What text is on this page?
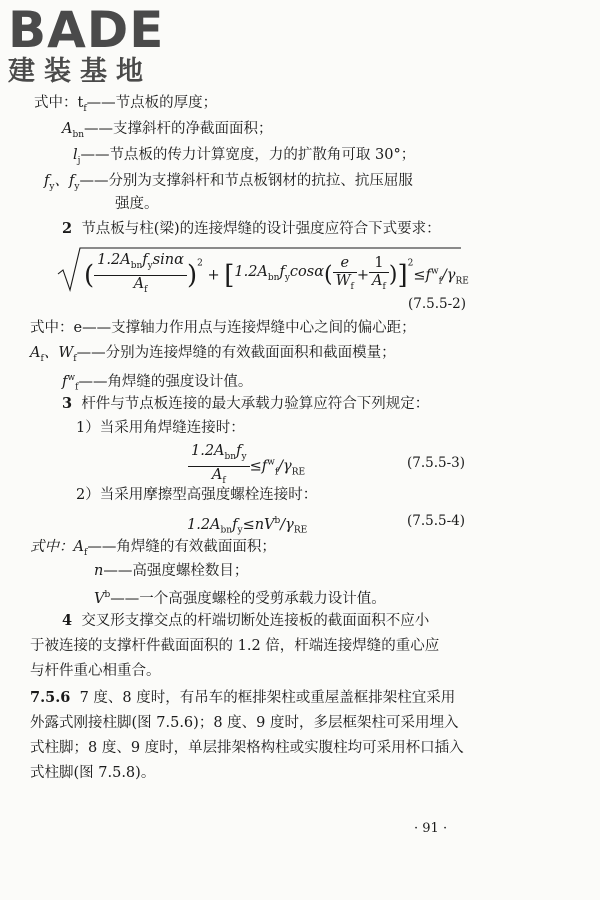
BADE
建装基地
式中：$t_f——$节点板的厚度；
$A_{bn}——$支撑斜杆的净截面面积；
$l_j——$节点板的传力计算宽度，力的扩散角可取 30°；
$f_y$、$f_y——$分别为支撑斜杆和节点板钢材的抗拉、抗压屈服
强度。
2 节点板与柱(梁)的连接焊缝的设计强度应符合下式要求：
( $\frac{1.2A_{bn}f_y\sin\alpha}{A_f} )^2 + [1.2A_{bn}f_y\cos\alpha( \frac{e}{W_f} + \frac{1}{A_f} )]^2\le f^w_f/\gamma_{RE}$
(7.5.5-2)
式中：e——支撑轴力作用点与连接焊缝中心之间的偏心距；
$A_f$、$W_f——$分别为连接焊缝的有效截面面积和截面模量；
$f^w_f——$角焊缝的强度设计值。
3 杆件与节点板连接的最大承载力验算应符合下列规定：
1）当采用角焊缝连接时：
$\frac{1.2A_{bn}f_y}{A_f} \le f^w_f/\gamma_{RE}$
(7.5.5-3)
2）当采用摩擦型高强度螺栓连接时：
$1.2A_{bn}f_y\le nV^b/\gamma_{RE}$
(7.5.5-4)
式中：$A_f——$角焊缝的有效截面面积；
n——高强度螺栓数目；
$V^b——$一个高强度螺栓的受剪承载力设计值。
4 交叉形支撑交点的杆端切断处连接板的截面面积不应小
于被连接的支撑杆件截面面积的 1.2 倍，杆端连接焊缝的重心应
与杆件重心相重合。
7.5.6 7 度、8 度时，有吊车的框排架柱或重屋盖框排架柱宜采用
外露式刚接柱脚(图 7.5.6)；8 度、9 度时，多层框架柱可采用埋入
式柱脚；8 度、9 度时，单层排架格构柱或实腹柱均可采用杯口插入
式柱脚(图 7.5.8)。
· 91 ·
